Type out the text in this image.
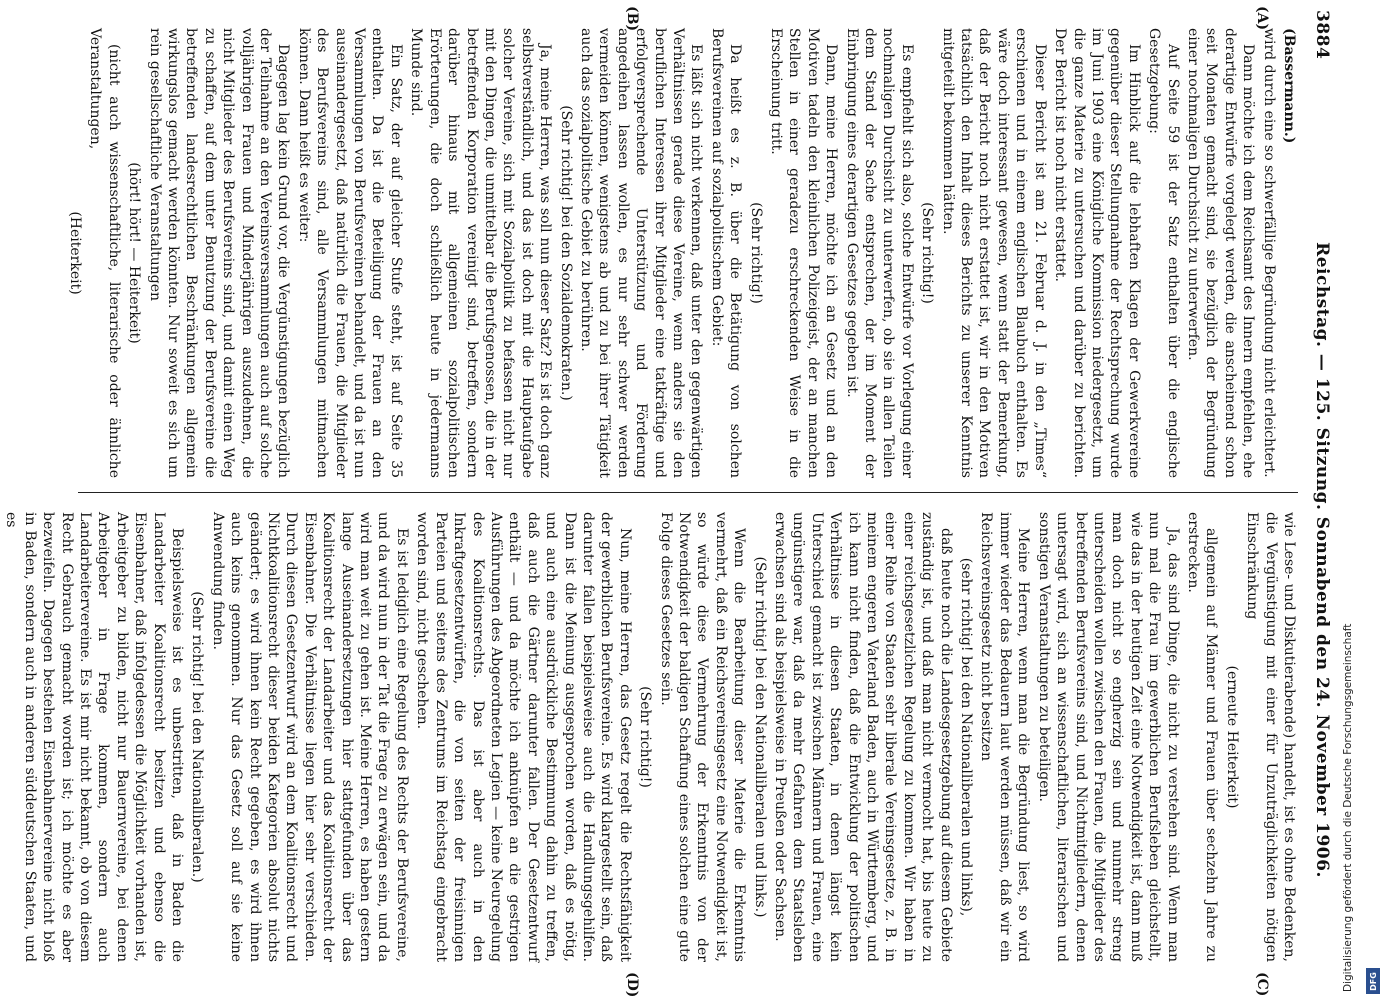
3884
Reichstag. — 125. Sitzung. Sonnabend den 24. November 1906.
(A)
(B)
(C)
(D)

(Bassermann.)

wird durch eine so schwerfällige Begründung nicht erleichtert.

Dann möchte ich dem Reichsamt des Innern empfehlen, ehe derartige Entwürfe vorgelegt werden, die anscheinend schon seit Monaten gemacht sind, sie bezüglich der Begründung einer nochmaligen Durchsicht zu unterwerfen.

Auf Seite 59 ist der Satz enthalten über die englische Gesetzgebung:

Im Hinblick auf die lebhaften Klagen der Gewerkvereine gegenüber dieser Stellungnahme der Rechtsprechung wurde im Juni 1903 eine Königliche Kommission niedergesetzt, um die ganze Materie zu untersuchen und darüber zu berichten. Der Bericht ist noch nicht erstattet.

Dieser Bericht ist am 21. Februar d. J. in den „Times“ erschienen und in einem englischen Blaubuch enthalten. Es wäre doch interessant gewesen, wenn statt der Bemerkung, daß der Bericht noch nicht erstattet ist, wir in den Motiven tatsächlich den Inhalt dieses Berichts zu unserer Kenntnis mitgeteilt bekommen hätten.

(Sehr richtig!)

Es empfiehlt sich also, solche Entwürfe vor Vorlegung einer nochmaligen Durchsicht zu unterwerfen, ob sie in allen Teilen dem Stand der Sache entsprechen, der im Moment der Einbringung eines derartigen Gesetzes gegeben ist.

Dann, meine Herren, möchte ich an Gesetz und an den Motiven tadeln den kleinlichen Polizeigeist, der an manchen Stellen in einer geradezu erschreckenden Weise in die Erscheinung tritt.

(Sehr richtig!)

Da heißt es z. B. über die Betätigung von solchen Berufsvereinen auf sozialpolitischem Gebiet:

Es läßt sich nicht verkennen, daß unter den gegenwärtigen Verhältnissen gerade diese Vereine, wenn anders sie den beruflichen Interessen ihrer Mitglieder eine tatkräftige und erfolgversprechende Unterstützung und Förderung angedeihen lassen wollen, es nur sehr schwer werden vermeiden können, wenigstens ab und zu bei ihrer Tätigkeit auch das sozialpolitische Gebiet zu berühren.

(Sehr richtig! bei den Sozialdemokraten.)

Ja, meine Herren, was soll nun dieser Satz? Es ist doch ganz selbstverständlich, und das ist doch mit die Hauptaufgabe solcher Vereine, sich mit Sozialpolitik zu befassen nicht nur mit den Dingen, die unmittelbar die Berufsgenossen, die in der betreffenden Korporation vereinigt sind, betreffen, sondern darüber hinaus mit allgemeinen sozialpolitischen Erörterungen, die doch schließlich heute in jedermanns Munde sind.

Ein Satz, der auf gleicher Stufe steht, ist auf Seite 35 enthalten. Da ist die Beteiligung der Frauen an den Versammlungen von Berufsvereinen behandelt, und da ist nun auseinandergesetzt, daß natürlich die Frauen, die Mitglieder des Berufsvereins sind, alle Versammlungen mitmachen können. Dann heißt es weiter:

Dagegen lag kein Grund vor, die Vergünstigungen bezüglich der Teilnahme an den Vereinsversammlungen auch auf solche volljährigen Frauen und Minderjährigen auszudehnen, die nicht Mitglieder des Berufsvereins sind, und damit einen Weg zu schaffen, auf dem unter Benutzung der Berufsvereine die betreffenden landesrechtlichen Beschränkungen allgemein wirkungslos gemacht werden könnten. Nur soweit es sich um rein gesellschaftliche Veranstaltungen

(hört! hört! — Heiterkeit)

(nicht auch wissenschaftliche, literarische oder ähnliche Veranstaltungen,

(Heiterkeit)

wie Lese- und Diskutierabende) handelt, ist es ohne Bedenken, die Vergünstigung mit einer für Unzuträglichkeiten nötigen Einschränkung

(erneute Heiterkeit)

allgemein auf Männer und Frauen über sechzehn Jahre zu erstrecken.

Ja, das sind Dinge, die nicht zu verstehen sind. Wenn man nun mal die Frau im gewerblichen Berufsleben gleichstellt, wie das in der heutigen Zeit eine Notwendigkeit ist, dann muß man doch nicht so engherzig sein und nunmehr streng unterscheiden wollen zwischen den Frauen, die Mitglieder des betreffenden Berufsvereins sind, und Nichtmitgliedern, denen untersagt wird, sich an wissenschaftlichen, literarischen und sonstigen Veranstaltungen zu beteiligen.

Meine Herren, wenn man die Begründung liest, so wird immer wieder das Bedauern laut werden müssen, daß wir ein Reichsvereinsgesetz nicht besitzen

(sehr richtig! bei den Nationalliberalen und links),

daß heute noch die Landesgesetzgebung auf diesem Gebiete zuständig ist, und daß man nicht vermocht hat, bis heute zu einer reichsgesetzlichen Regelung zu kommen. Wir haben in einer Reihe von Staaten sehr liberale Vereinsgesetze, z. B. in meinem engeren Vaterland Baden, auch in Württemberg, und ich kann nicht finden, daß die Entwicklung der politischen Verhältnisse in diesen Staaten, in denen längst kein Unterschied gemacht ist zwischen Männern und Frauen, eine ungünstigere war, daß da mehr Gefahren dem Staatsleben erwachsen sind als beispielsweise in Preußen oder Sachsen.

(Sehr richtig! bei den Nationalliberalen und links.)

Wenn die Bearbeitung dieser Materie die Erkenntnis vermehrt, daß ein Reichsvereinsgesetz eine Notwendigkeit ist, so würde diese Vermehrung der Erkenntnis von der Notwendigkeit der baldigen Schaffung eines solchen eine gute Folge dieses Gesetzes sein.

(Sehr richtig!)

Nun, meine Herren, das Gesetz regelt die Rechtsfähigkeit der gewerblichen Berufsvereine. Es wird klargestellt sein, daß darunter fallen beispielsweise auch die Handlungsgehilfen. Dann ist die Meinung ausgesprochen worden, daß es nötig, und auch eine ausdrückliche Bestimmung dahin zu treffen, daß auch die Gärtner darunter fallen. Der Gesetzentwurf enthält — und da möchte ich anknüpfen an die gestrigen Ausführungen des Abgeordneten Legien — keine Neuregelung des Koalitionsrechts. Das ist aber auch in den Inkraftgesetzentwürfen, die von seiten der freisinnigen Parteien und seitens des Zentrums im Reichstag eingebracht worden sind, nicht geschehen.

Es ist lediglich eine Regelung des Rechts der Berufsvereine, und da wird nun in der Tat die Frage zu erwägen sein, und da wird man weit zu gehen ist. Meine Herren, es haben gestern lange Auseinandersetzungen hier stattgefunden über das Koalitionsrecht der Landarbeiter und das Koalitionsrecht der Eisenbahner. Die Verhältnisse liegen hier sehr verschieden. Durch diesen Gesetzentwurf wird an dem Koalitionsrecht und Nichtkoalitionsrecht dieser beiden Kategorien absolut nichts geändert; es wird ihnen kein Recht gegeben, es wird ihnen auch keins genommen. Nur das Gesetz soll auf sie keine Anwendung finden.

(Sehr richtig! bei den Nationalliberalen.)

Beispielsweise ist es unbestritten, daß in Baden die Landarbeiter Koalitionsrecht besitzen und ebenso die Eisenbahner, daß infolgedessen die Möglichkeit vorhanden ist, Arbeitgeber zu bilden, nicht nur Bauernvereine, bei denen Arbeitgeber in Frage kommen, sondern auch Landarbeitervereine. Es ist mir nicht bekannt, ob von diesem Recht Gebrauch gemacht worden ist; ich möchte es aber bezweifeln. Dagegen bestehen Eisenbahnervereine nicht bloß in Baden, sondern auch in anderen süddeutschen Staaten, und es

Digitalisierung gefördert durch die Deutsche Forschungsgemeinschaft	DFG
